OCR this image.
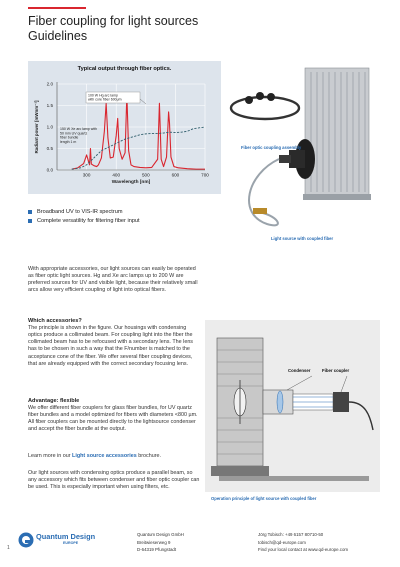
Fiber coupling for light sources
Guidelines
Typical output through fiber optics.
0.0
0.5
1.0
1.5
2.0
300	400	500	600	700
Wavelength [nm]
Radiant power [mWnm⁻¹]
100 W Hg arc lamp
with core fiber 600μm
150 W Xe arc lamp with
50 mm UV quartz
fiber bundle
length 1 m
Fiber optic coupling assembly
Light source with coupled fiber
Broadband UV to VIS-IR spectrum
Complete versatility for filtering fiber input

With appropriate accessories, our light sources can easily be operated as fiber optic light sources. Hg and Xe arc lamps up to 200 W are preferred sources for UV and visible light, because their relatively small arcs allow very efficient coupling of light into optical fibers.

Which accessories?

The principle is shown in the figure. Our housings with condensing optics produce a collimated beam. For coupling light into the fiber the collimated beam has to be refocused with a secondary lens. The lens has to be chosen in such a way that the F/number is matched to the acceptance cone of the fiber. We offer several fiber coupling devices, that are already equipped with the correct secondary focusing lens.

Advantage: flexible

We offer different fiber couplers for glass fiber bundles, for UV quartz fiber bundles and a model optimized for fibers with diameters <800 µm. All fiber couplers can be mounted directly to the lightsource condenser and accept the fiber bundle at the output.

Learn more in our Light source accessories brochure.

Our light sources with condensing optics produce a parallel beam, so any accessory which fits between condenser and fiber optic coupler can be used. This is especially important when using filters, etc.

Condenser	Fiber coupler
Operation principle of light source with coupled fiber
1
Quantum Design
EUROPE
Quantum Design GmbH
Breitwieserweg 9
D-64319 Pfungstadt
Jörg Tobisch: +49 6157 80710-50
tobisch@qd-europe.com
Find your local contact at www.qd-europe.com
